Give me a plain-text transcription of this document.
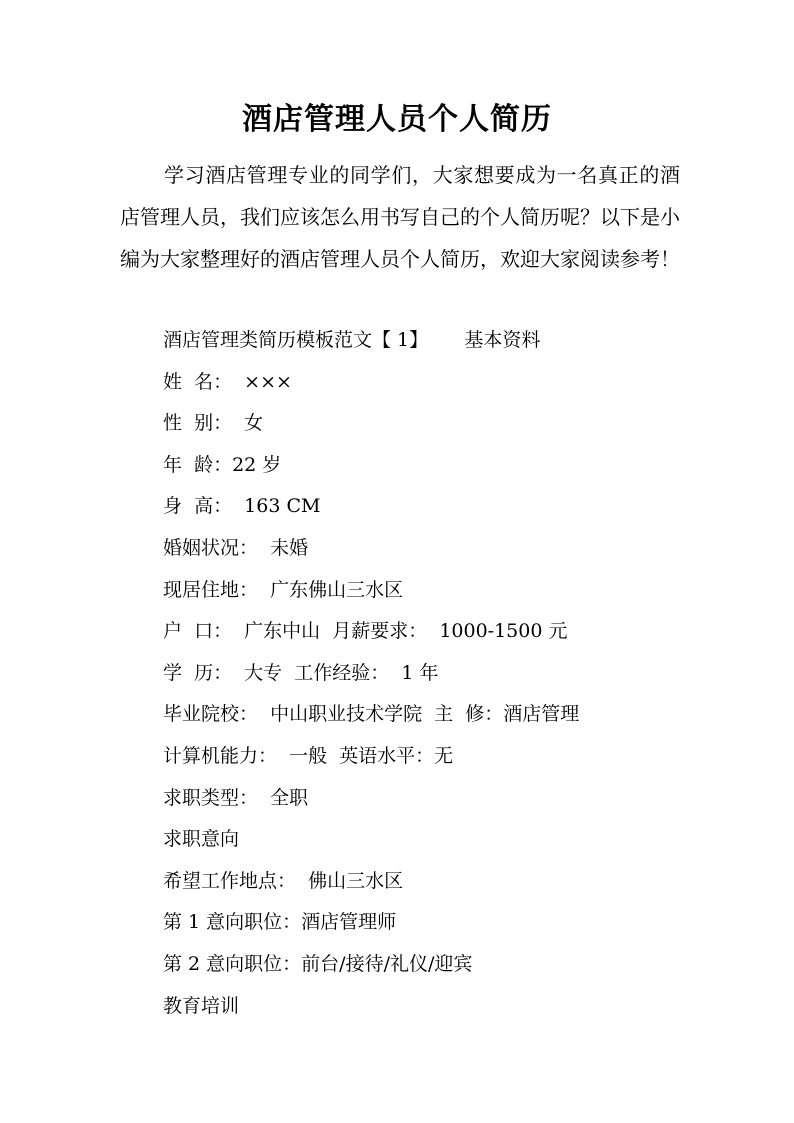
酒店管理人员个人简历

学习酒店管理专业的同学们，大家想要成为一名真正的酒店管理人员，我们应该怎么用书写自己的个人简历呢？以下是小编为大家整理好的酒店管理人员个人简历，欢迎大家阅读参考！

酒店管理类简历模板范文【 1】      基本资料
姓  名：  ×××
性  别：  女
年  龄：22 岁
身  高：  163 CM
婚姻状况：  未婚
现居住地：  广东佛山三水区
户  口：  广东中山  月薪要求：  1000-1500 元
学  历：  大专  工作经验：  1 年
毕业院校：  中山职业技术学院  主  修：酒店管理
计算机能力：  一般  英语水平：无
求职类型：  全职
求职意向
希望工作地点：  佛山三水区
第 1 意向职位：酒店管理师
第 2 意向职位：前台/接待/礼仪/迎宾
教育培训
